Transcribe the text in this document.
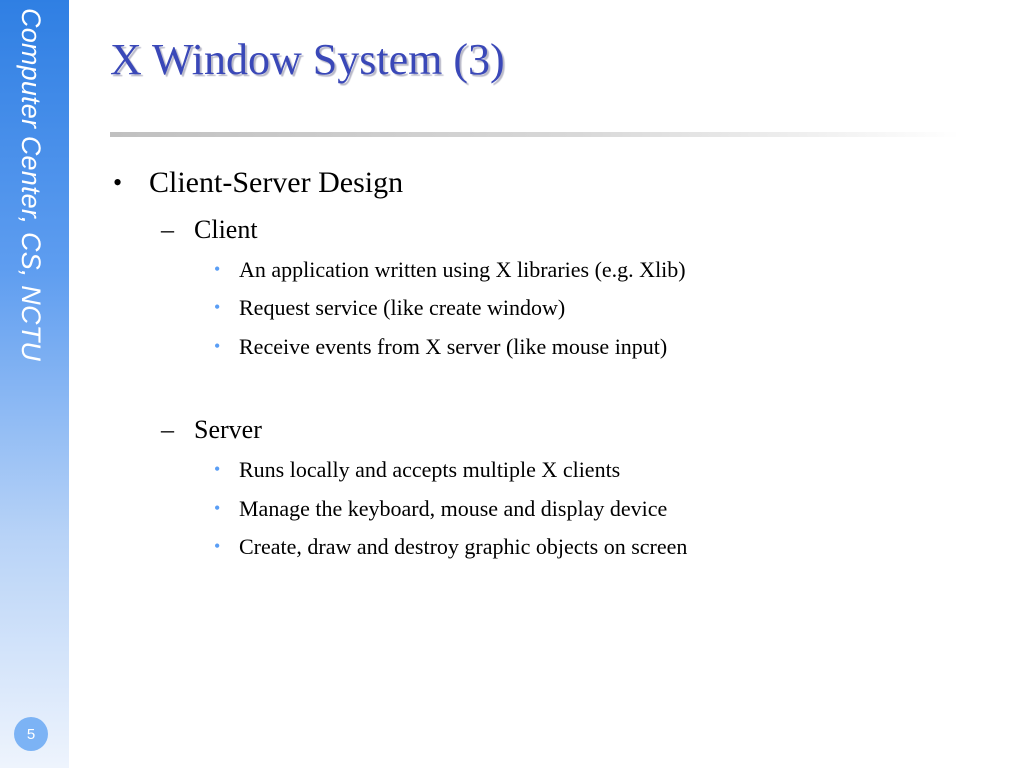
Computer Center, CS, NCTU
5
X Window System (3)
• Client-Server Design
– Client
• An application written using X libraries (e.g. Xlib)
• Request service (like create window)
• Receive events from X server (like mouse input)
– Server
• Runs locally and accepts multiple X clients
• Manage the keyboard, mouse and display device
• Create, draw and destroy graphic objects on screen
